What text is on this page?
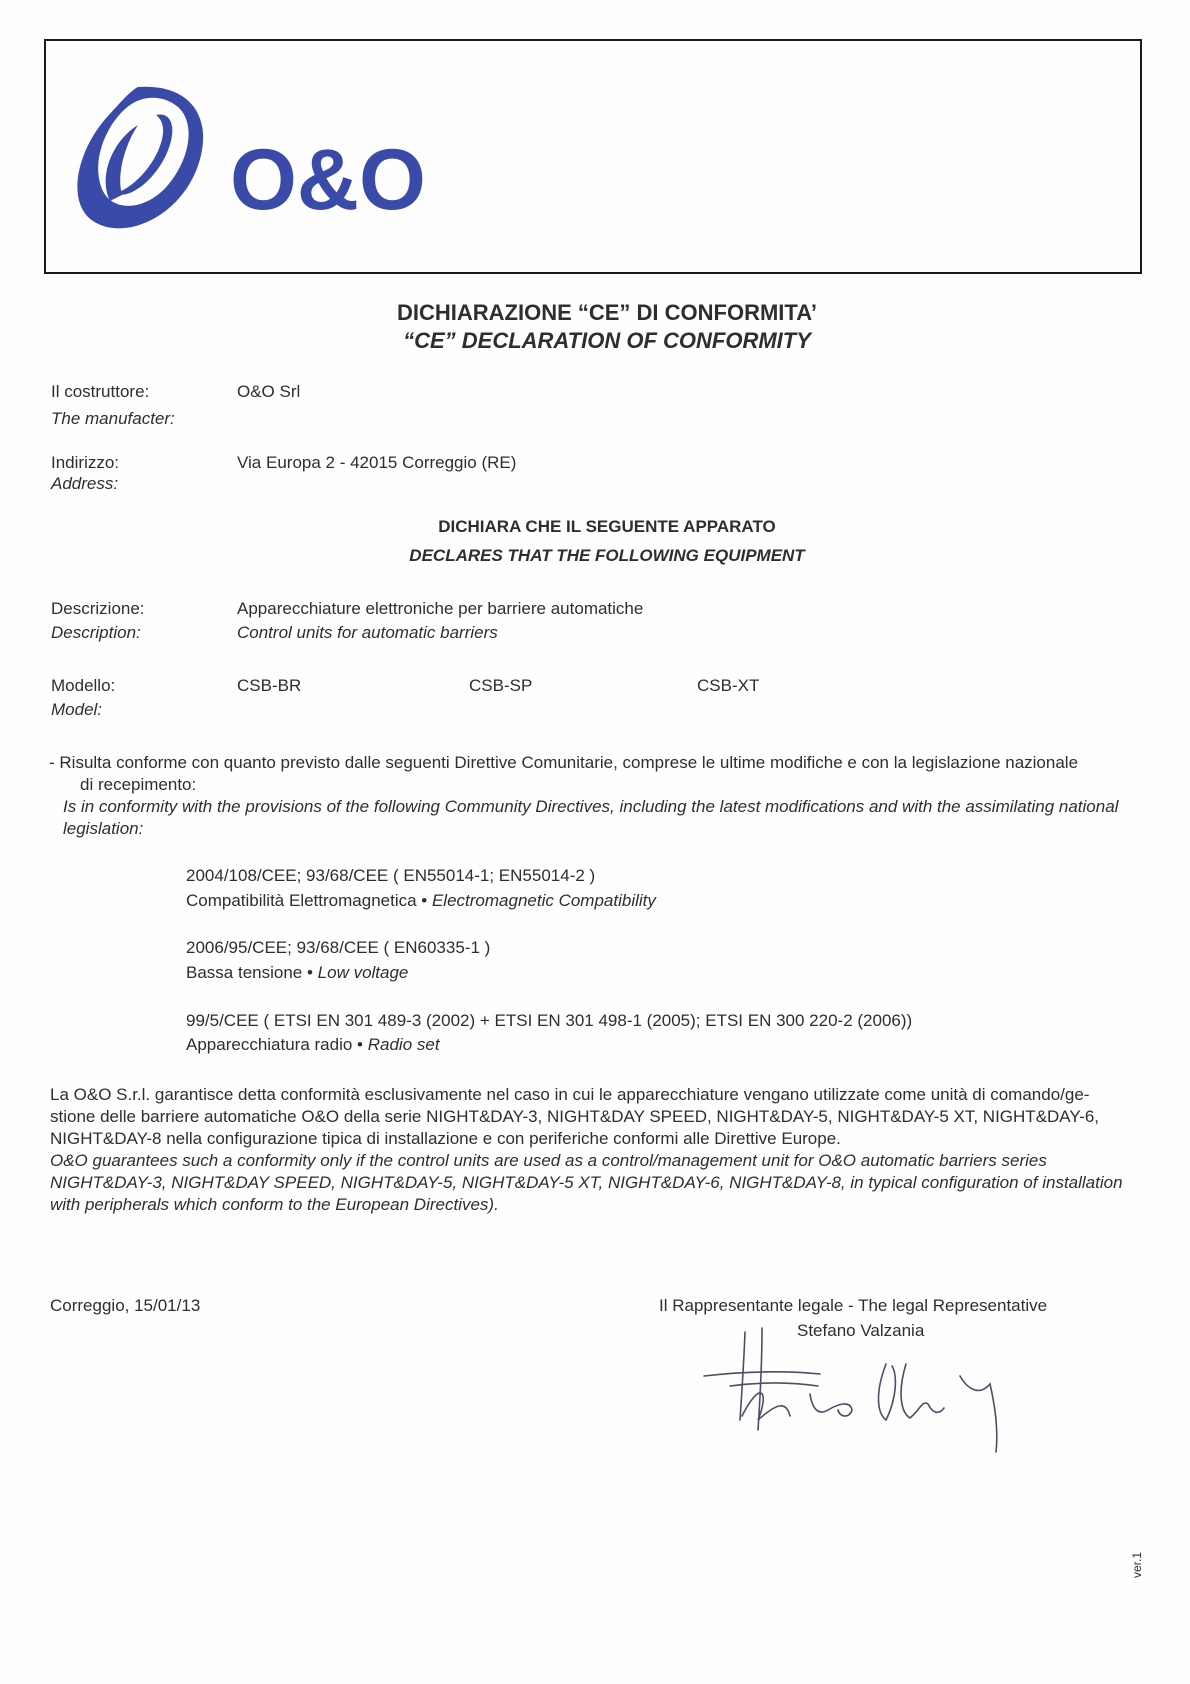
O&O
DICHIARAZIONE “CE” DI CONFORMITA’
“CE” DECLARATION OF CONFORMITY
Il costruttore:
The manufacter:
O&O Srl
Indirizzo:
Address:
Via Europa 2 - 42015 Correggio (RE)
DICHIARA CHE IL SEGUENTE APPARATO
DECLARES THAT THE FOLLOWING EQUIPMENT
Descrizione:
Description:
Apparecchiature elettroniche per barriere automatiche
Control units for automatic barriers
Modello:
Model:
CSB-BR	CSB-SP	CSB-XT
- Risulta conforme con quanto previsto dalle seguenti Direttive Comunitarie, comprese le ultime modifiche e con la legislazione nazionale
di recepimento:
Is in conformity with the provisions of the following Community Directives, including the latest modifications and with the assimilating national
legislation:
2004/108/CEE; 93/68/CEE ( EN55014-1; EN55014-2 )
Compatibilità Elettromagnetica • Electromagnetic Compatibility
2006/95/CEE; 93/68/CEE ( EN60335-1 )
Bassa tensione • Low voltage
99/5/CEE ( ETSI EN 301 489-3 (2002) + ETSI EN 301 498-1 (2005); ETSI EN 300 220-2 (2006))
Apparecchiatura radio • Radio set
La O&O S.r.l. garantisce detta conformità esclusivamente nel caso in cui le apparecchiature vengano utilizzate come unità di comando/ge-
stione delle barriere automatiche O&O della serie NIGHT&DAY-3, NIGHT&DAY SPEED, NIGHT&DAY-5, NIGHT&DAY-5 XT, NIGHT&DAY-6,
NIGHT&DAY-8 nella configurazione tipica di installazione e con periferiche conformi alle Direttive Europe.
O&O guarantees such a conformity only if the control units are used as a control/management unit for O&O automatic barriers series
NIGHT&DAY-3, NIGHT&DAY SPEED, NIGHT&DAY-5, NIGHT&DAY-5 XT, NIGHT&DAY-6, NIGHT&DAY-8, in typical configuration of installation
with peripherals which conform to the European Directives).
Correggio, 15/01/13	Il Rappresentante legale - The legal Representative
Stefano Valzania
ver.1
